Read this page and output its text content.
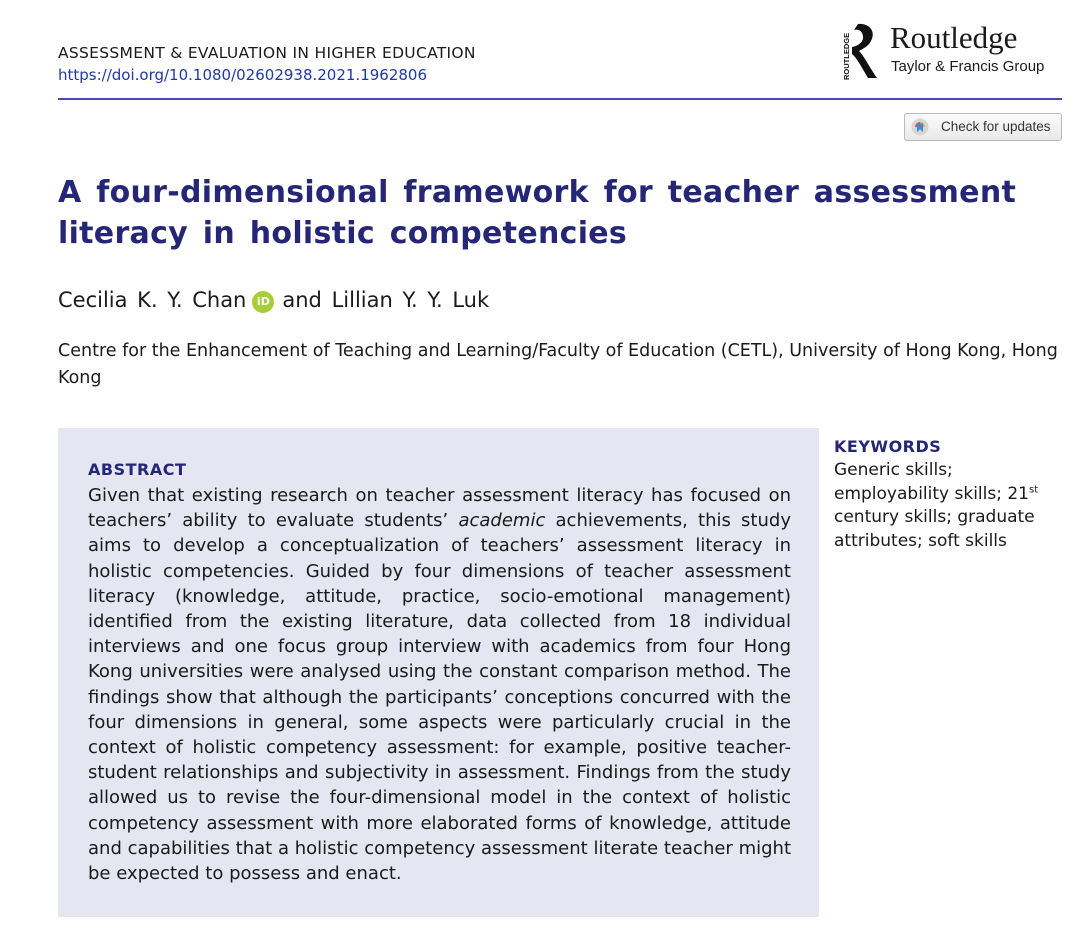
ASSESSMENT & EVALUATION IN HIGHER EDUCATION
https://doi.org/10.1080/02602938.2021.1962806	ROUTLEDGE Routledge
Taylor & Francis Group
Check for updates
A four-dimensional framework for teacher assessment literacy in holistic competencies
Cecilia K. Y. Chan iD and Lillian Y. Y. Luk
Centre for the Enhancement of Teaching and Learning/Faculty of Education (CETL), University of Hong Kong, Hong Kong
ABSTRACT

Given that existing research on teacher assessment literacy has focused on teachers’ ability to evaluate students’ academic achievements, this study aims to develop a conceptualization of teachers’ assessment literacy in holistic competencies. Guided by four dimensions of teacher assessment literacy (knowledge, attitude, practice, socio-emotional management) identified from the existing literature, data collected from 18 individual interviews and one focus group interview with academics from four Hong Kong universities were analysed using the constant comparison method. The findings show that although the participants’ conceptions concurred with the four dimensions in general, some aspects were particularly crucial in the context of holistic competency assessment: for example, positive teacher-student relationships and subjectivity in assessment. Findings from the study allowed us to revise the four-dimensional model in the context of holistic competency assessment with more elaborated forms of knowledge, attitude and capabilities that a holistic competency assessment literate teacher might be expected to possess and enact.

KEYWORDS
Generic skills; employability skills; 21st century skills; graduate attributes; soft skills
